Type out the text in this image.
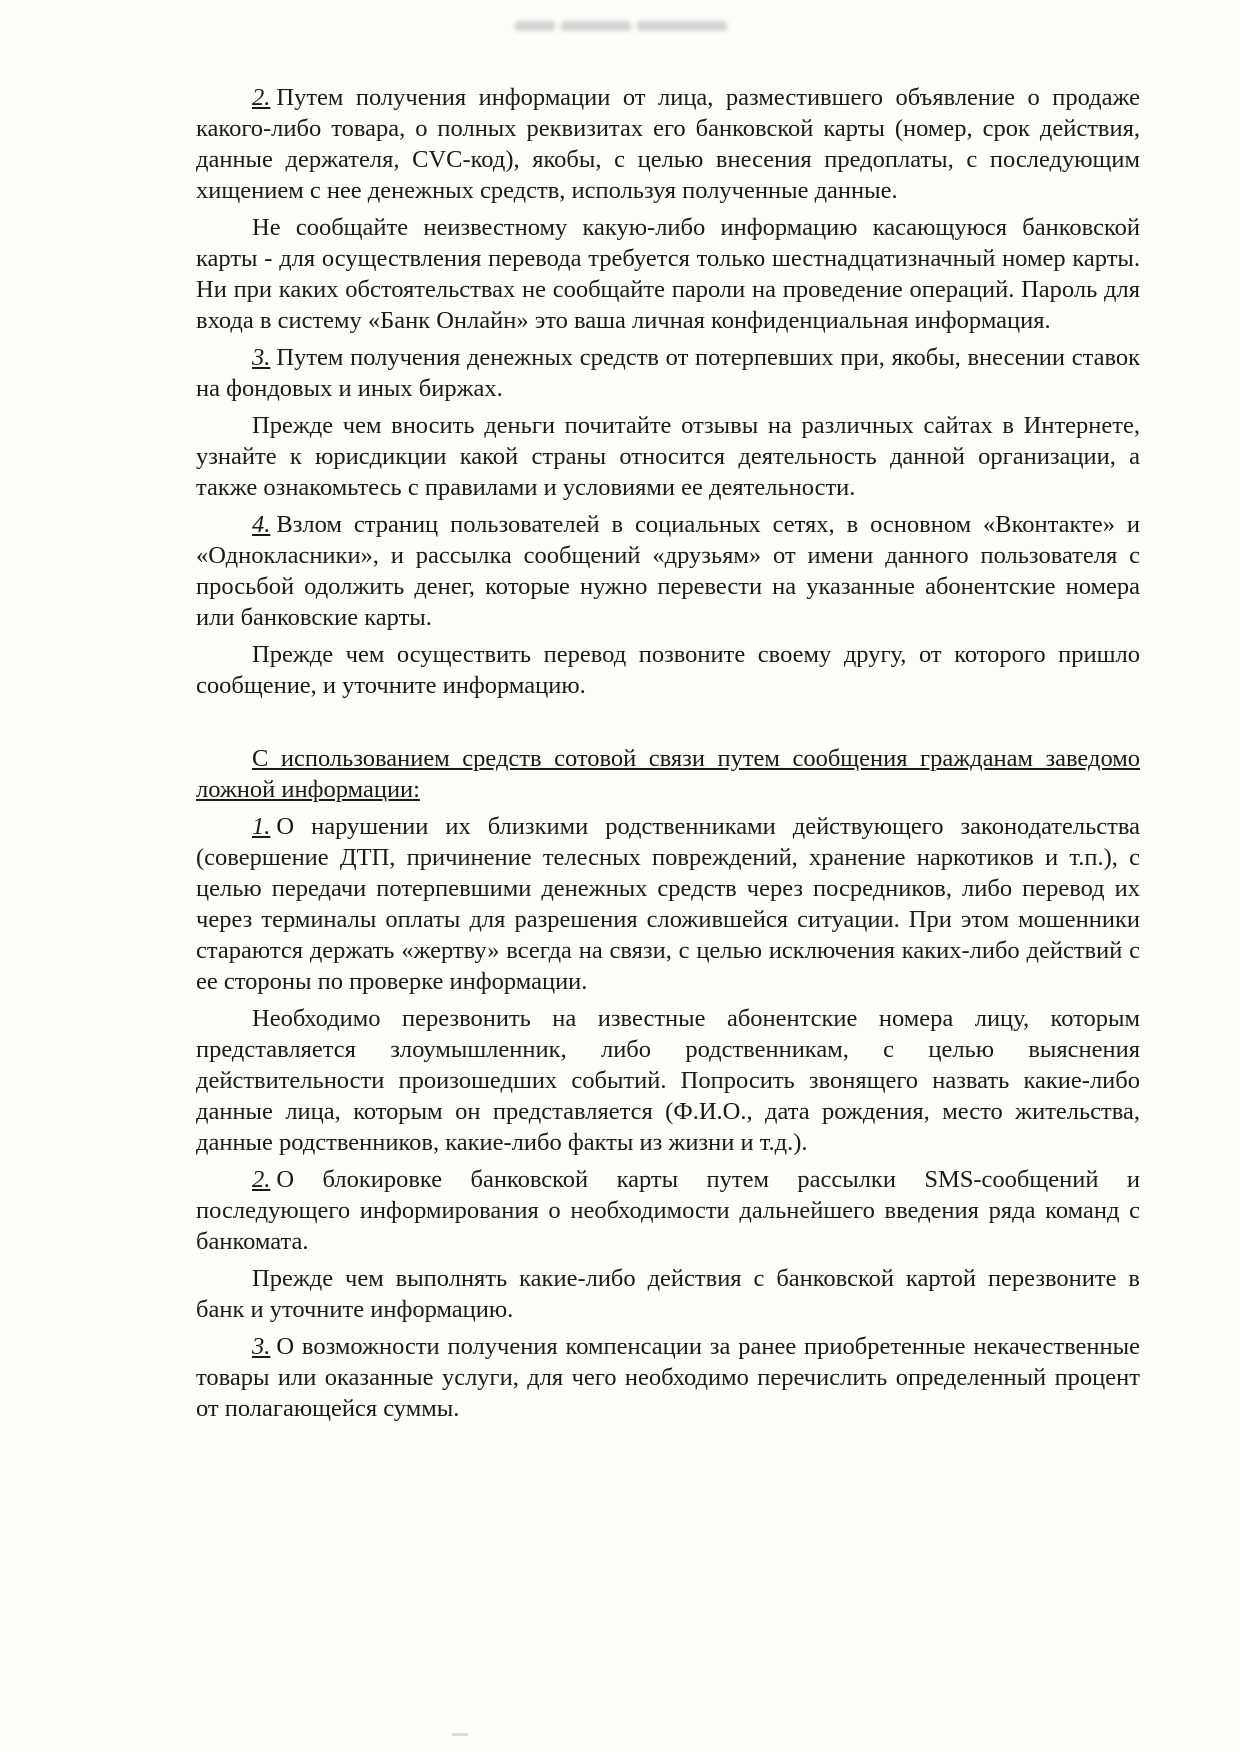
2. Путем получения информации от лица, разместившего объявление о продаже какого-либо товара, о полных реквизитах его банковской карты (номер, срок действия, данные держателя, CVC-код), якобы, с целью внесения предоплаты, с последующим хищением с нее денежных средств, используя полученные данные.

Не сообщайте неизвестному какую-либо информацию касающуюся банковской карты - для осуществления перевода требуется только шестнадцатизначный номер карты. Ни при каких обстоятельствах не сообщайте пароли на проведение операций. Пароль для входа в систему «Банк Онлайн» это ваша личная конфиденциальная информация.

3. Путем получения денежных средств от потерпевших при, якобы, внесении ставок на фондовых и иных биржах.

Прежде чем вносить деньги почитайте отзывы на различных сайтах в Интернете, узнайте к юрисдикции какой страны относится деятельность данной организации, а также ознакомьтесь с правилами и условиями ее деятельности.

4. Взлом страниц пользователей в социальных сетях, в основном «Вконтакте» и «Однокласники», и рассылка сообщений «друзьям» от имени данного пользователя с просьбой одолжить денег, которые нужно перевести на указанные абонентские номера или банковские карты.

Прежде чем осуществить перевод позвоните своему другу, от которого пришло сообщение, и уточните информацию.

С использованием средств сотовой связи путем сообщения гражданам заведомо ложной информации:

1. О нарушении их близкими родственниками действующего законодательства (совершение ДТП, причинение телесных повреждений, хранение наркотиков и т.п.), с целью передачи потерпевшими денежных средств через посредников, либо перевод их через терминалы оплаты для разрешения сложившейся ситуации. При этом мошенники стараются держать «жертву» всегда на связи, с целью исключения каких-либо действий с ее стороны по проверке информации.

Необходимо перезвонить на известные абонентские номера лицу, которым представляется злоумышленник, либо родственникам, с целью выяснения действительности произошедших событий. Попросить звонящего назвать какие-либо данные лица, которым он представляется (Ф.И.О., дата рождения, место жительства, данные родственников, какие-либо факты из жизни и т.д.).

2. О блокировке банковской карты путем рассылки SMS-сообщений и последующего информирования о необходимости дальнейшего введения ряда команд с банкомата.

Прежде чем выполнять какие-либо действия с банковской картой перезвоните в банк и уточните информацию.

3. О возможности получения компенсации за ранее приобретенные некачественные товары или оказанные услуги, для чего необходимо перечислить определенный процент от полагающейся суммы.
